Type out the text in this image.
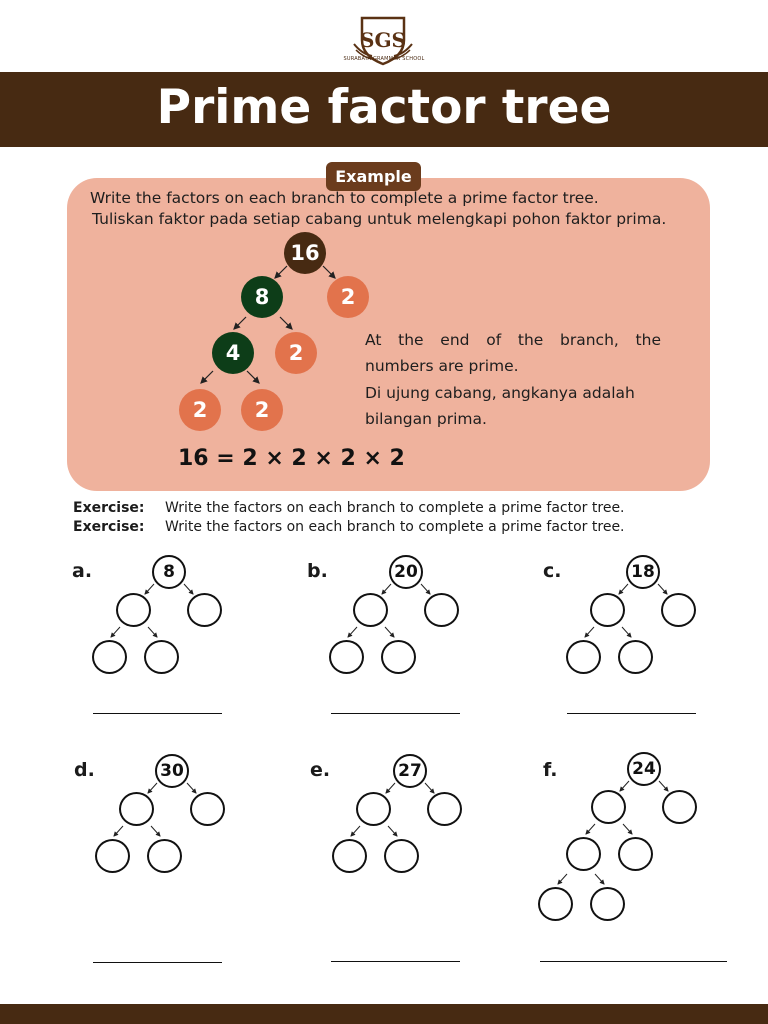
SGS
SURABAYA GRAMMAR SCHOOL
Prime factor tree
Example
Write the factors on each branch to complete a prime factor tree.
Tuliskan faktor pada setiap cabang untuk melengkapi pohon faktor prima.
16
8	2
4	2
2	2
At the end of the branch, the numbers are prime.
Di ujung cabang, angkanya adalah bilangan prima.
16 = 2 × 2 × 2 × 2
Exercise: Write the factors on each branch to complete a prime factor tree.
Exercise: Write the factors on each branch to complete a prime factor tree.
a.	8	b.	20	c.	18
d.	30	e.	27	f.	24
